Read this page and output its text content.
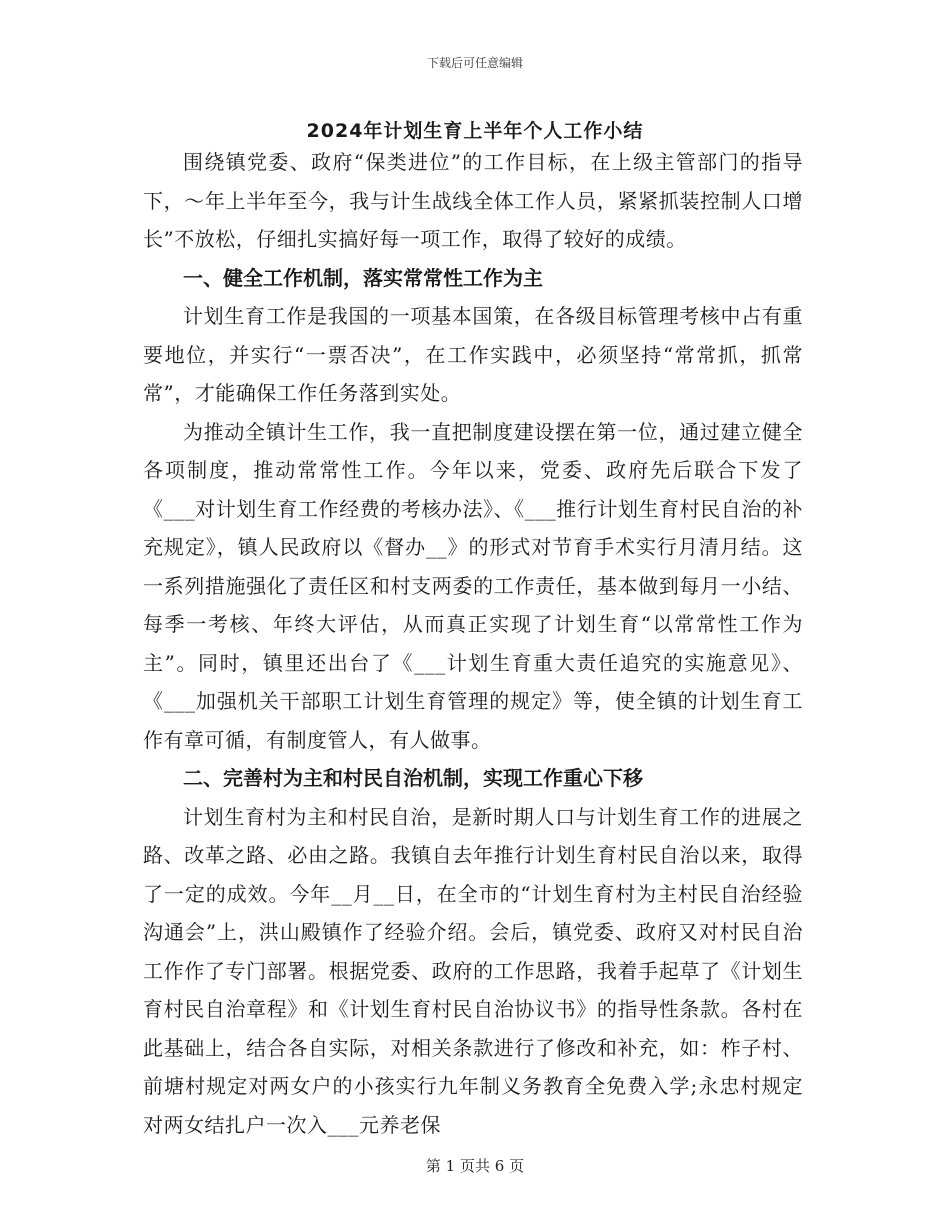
下载后可任意编辑
2024年计划生育上半年个人工作小结

围绕镇党委、政府“保类进位”的工作目标，在上级主管部门的指导下，～年上半年至今，我与计生战线全体工作人员，紧紧抓装控制人口增长”不放松，仔细扎实搞好每一项工作，取得了较好的成绩。

一、健全工作机制，落实常常性工作为主

计划生育工作是我国的一项基本国策，在各级目标管理考核中占有重要地位，并实行“一票否决”，在工作实践中，必须坚持“常常抓，抓常常”，才能确保工作任务落到实处。

为推动全镇计生工作，我一直把制度建设摆在第一位，通过建立健全各项制度，推动常常性工作。今年以来，党委、政府先后联合下发了《___对计划生育工作经费的考核办法》、《___推行计划生育村民自治的补充规定》，镇人民政府以《督办__》的形式对节育手术实行月清月结。这一系列措施强化了责任区和村支两委的工作责任，基本做到每月一小结、每季一考核、年终大评估，从而真正实现了计划生育“以常常性工作为主”。同时，镇里还出台了《___计划生育重大责任追究的实施意见》、《___加强机关干部职工计划生育管理的规定》等，使全镇的计划生育工作有章可循，有制度管人，有人做事。

二、完善村为主和村民自治机制，实现工作重心下移

计划生育村为主和村民自治，是新时期人口与计划生育工作的进展之路、改革之路、必由之路。我镇自去年推行计划生育村民自治以来，取得了一定的成效。今年__月__日，在全市的“计划生育村为主村民自治经验沟通会”上，洪山殿镇作了经验介绍。会后，镇党委、政府又对村民自治工作作了专门部署。根据党委、政府的工作思路，我着手起草了《计划生育村民自治章程》和《计划生育村民自治协议书》的指导性条款。各村在此基础上，结合各自实际，对相关条款进行了修改和补充，如：柞子村、前塘村规定对两女户的小孩实行九年制义务教育全免费入学;永忠村规定对两女结扎户一次入___元养老保

第 1 页共 6 页
